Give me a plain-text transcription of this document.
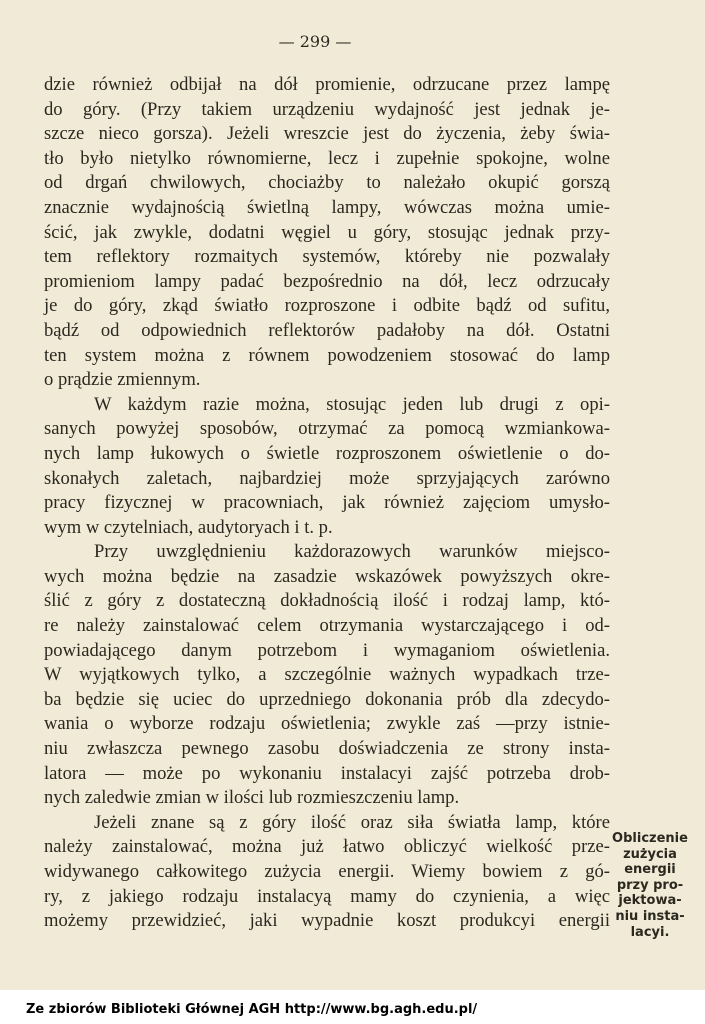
— 299 —
dzie również odbijał na dół promienie, odrzucane przez lampę
do góry. (Przy takiem urządzeniu wydajność jest jednak je-
szcze nieco gorsza). Jeżeli wreszcie jest do życzenia, żeby świa-
tło było nietylko równomierne, lecz i zupełnie spokojne, wolne
od drgań chwilowych, chociażby to należało okupić gorszą
znacznie wydajnością świetlną lampy, wówczas można umie-
ścić, jak zwykle, dodatni węgiel u góry, stosując jednak przy-
tem reflektory rozmaitych systemów, któreby nie pozwalały
promieniom lampy padać bezpośrednio na dół, lecz odrzucały
je do góry, zkąd światło rozproszone i odbite bądź od sufitu,
bądź od odpowiednich reflektorów padałoby na dół. Ostatni
ten system można z równem powodzeniem stosować do lamp
o prądzie zmiennym.
W każdym razie można, stosując jeden lub drugi z opi-
sanych powyżej sposobów, otrzymać za pomocą wzmiankowa-
nych lamp łukowych o świetle rozproszonem oświetlenie o do-
skonałych zaletach, najbardziej może sprzyjających zarówno
pracy fizycznej w pracowniach, jak również zajęciom umysło-
wym w czytelniach, audytoryach i t. p.
Przy uwzględnieniu każdorazowych warunków miejsco-
wych można będzie na zasadzie wskazówek powyższych okre-
ślić z góry z dostateczną dokładnością ilość i rodzaj lamp, któ-
re należy zainstalować celem otrzymania wystarczającego i od-
powiadającego danym potrzebom i wymaganiom oświetlenia.
W wyjątkowych tylko, a szczególnie ważnych wypadkach trze-
ba będzie się uciec do uprzedniego dokonania prób dla zdecydo-
wania o wyborze rodzaju oświetlenia; zwykle zaś —przy istnie-
niu zwłaszcza pewnego zasobu doświadczenia ze strony insta-
latora — może po wykonaniu instalacyi zajść potrzeba drob-
nych zaledwie zmian w ilości lub rozmieszczeniu lamp.
Jeżeli znane są z góry ilość oraz siła światła lamp, które
należy zainstalować, można już łatwo obliczyć wielkość prze-
widywanego całkowitego zużycia energii. Wiemy bowiem z gó-
ry, z jakiego rodzaju instalacyą mamy do czynienia, a więc
możemy przewidzieć, jaki wypadnie koszt produkcyi energii
Obliczenie
zużycia
energii
przy pro-
jektowa-
niu insta-
lacyi.
Ze zbiorów Biblioteki Głównej AGH http://www.bg.agh.edu.pl/
